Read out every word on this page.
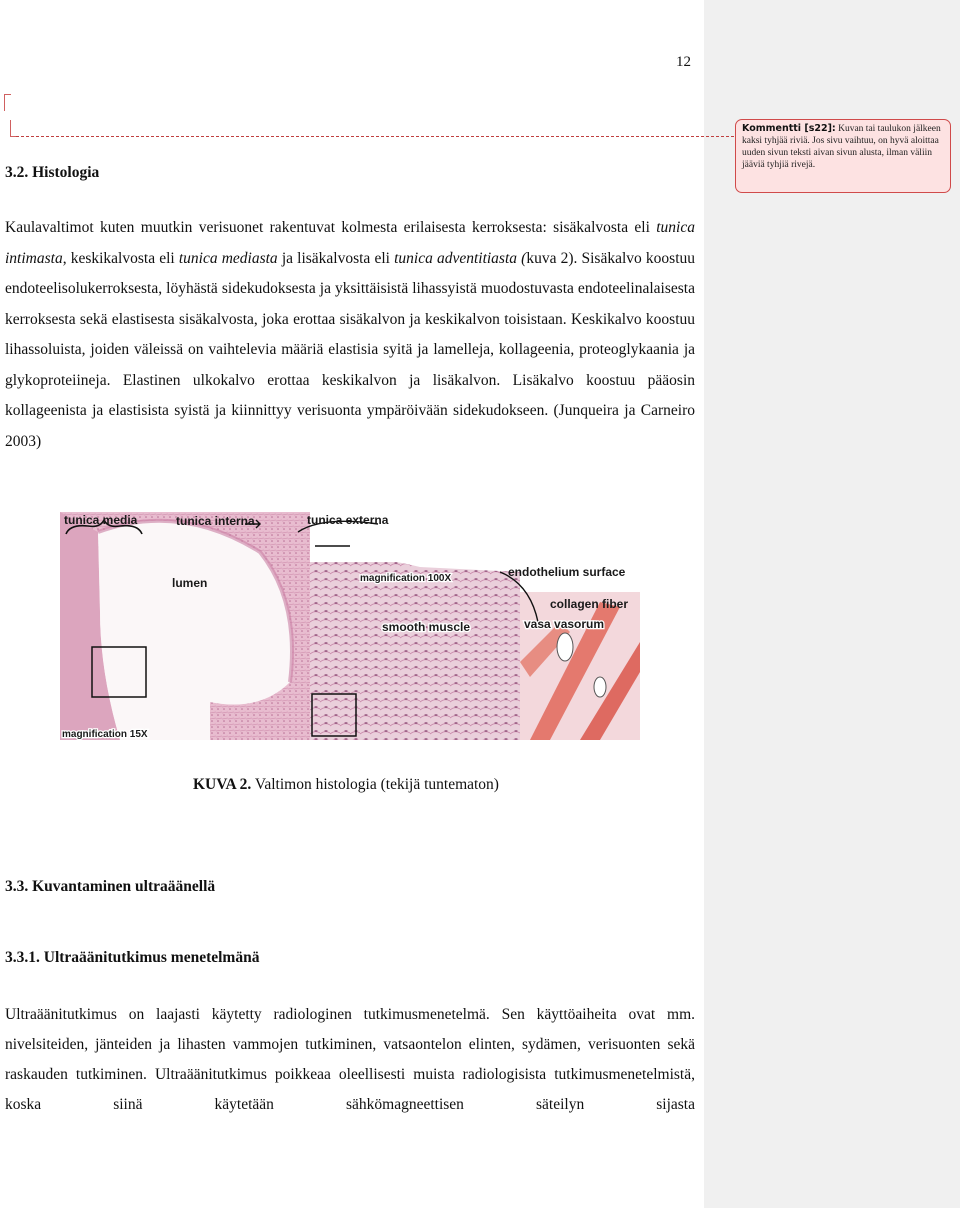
12
Kommentti [s22]: Kuvan tai taulukon jälkeen kaksi tyhjää riviä. Jos sivu vaihtuu, on hyvä aloittaa uuden sivun teksti aivan sivun alusta, ilman väliin jääviä tyhjiä rivejä.
3.2. Histologia

Kaulavaltimot kuten muutkin verisuonet rakentuvat kolmesta erilaisesta kerroksesta: sisäkalvosta eli tunica intimasta, keskikalvosta eli tunica mediasta ja lisäkalvosta eli tunica adventitiasta (kuva 2). Sisäkalvo koostuu endoteelisolukerroksesta, löyhästä sidekudoksesta ja yksittäisistä lihassyistä muodostuvasta endoteelinalaisesta kerroksesta sekä elastisesta sisäkalvosta, joka erottaa sisäkalvon ja keskikalvon toisistaan. Keskikalvo koostuu lihassoluista, joiden väleissä on vaihtelevia määriä elastisia syitä ja lamelleja, kollageenia, proteoglykaania ja glykoproteiineja. Elastinen ulkokalvo erottaa keskikalvon ja lisäkalvon. Lisäkalvo koostuu pääosin kollageenista ja elastisista syistä ja kiinnittyy verisuonta ympäröivään sidekudokseen. (Junqueira ja Carneiro 2003)

tunica media	tunica interna	tunica externa
lumen	magnification 100X	endothelium surface
collagen fiber
vasa vasorum
smooth muscle
magnification 15X
KUVA 2. Valtimon histologia (tekijä tuntematon)
3.3. Kuvantaminen ultraäänellä
3.3.1. Ultraäänitutkimus menetelmänä

Ultraäänitutkimus on laajasti käytetty radiologinen tutkimusmenetelmä. Sen käyttöaiheita ovat mm. nivelsiteiden, jänteiden ja lihasten vammojen tutkiminen, vatsaontelon elinten, sydämen, verisuonten sekä raskauden tutkiminen. Ultraäänitutkimus poikkeaa oleellisesti muista radiologisista tutkimusmenetelmistä, koska siinä käytetään sähkömagneettisen säteilyn sijasta
